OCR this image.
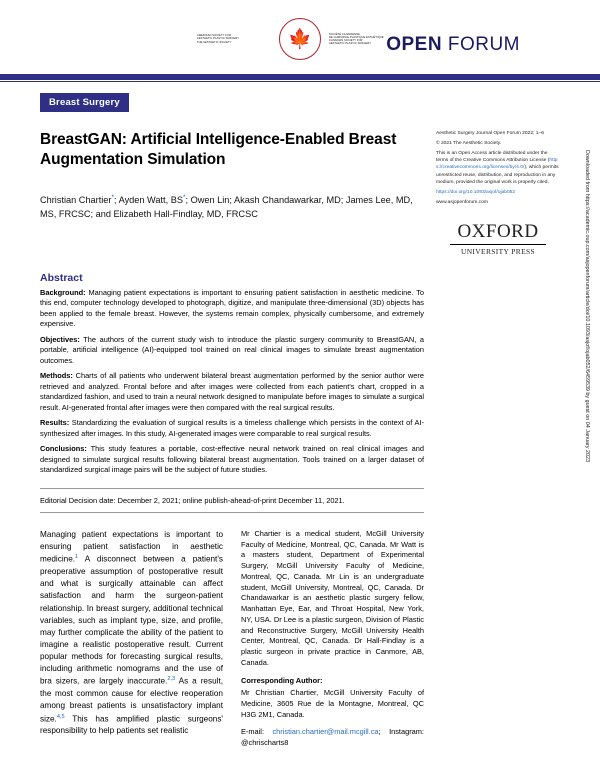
AMERICAN SOCIETY FOR
AESTHETIC PLASTIC SURGERY
THE AESTHETIC SOCIETY	🍁	SOCIÉTÉ CANADIENNE
DE CHIRURGIE PLASTIQUE ESTHÉTIQUE
CANADIAN SOCIETY FOR
AESTHETIC PLASTIC SURGERY OPEN FORUM
Breast Surgery
BreastGAN: Artificial Intelligence-Enabled Breast Augmentation Simulation
Christian Chartier*; Ayden Watt, BS*; Owen Lin; Akash Chandawarkar, MD; James Lee, MD, MS, FRCSC; and Elizabeth Hall-Findlay, MD, FRCSC

Aesthetic Surgery Journal Open Forum 2022; 1–6

© 2021 The Aesthetic Society.

This is an Open Access article distributed under the terms of the Creative Commons Attribution License (https://creativecommons.org/licenses/by/4.0/), which permits unrestricted reuse, distribution, and reproduction in any medium, provided the original work is properly cited.

https://doi.org/10.1093/asjof/ojab052

www.asjopenforum.com

OXFORD
UNIVERSITY PRESS
Abstract

Background: Managing patient expectations is important to ensuring patient satisfaction in aesthetic medicine. To this end, computer technology developed to photograph, digitize, and manipulate three-dimensional (3D) objects has been applied to the female breast. However, the systems remain complex, physically cumbersome, and extremely expensive.

Objectives: The authors of the current study wish to introduce the plastic surgery community to BreastGAN, a portable, artificial intelligence (AI)-equipped tool trained on real clinical images to simulate breast augmentation outcomes.

Methods: Charts of all patients who underwent bilateral breast augmentation performed by the senior author were retrieved and analyzed. Frontal before and after images were collected from each patient's chart, cropped in a standardized fashion, and used to train a neural network designed to manipulate before images to simulate a surgical result. AI-generated frontal after images were then compared with the real surgical results.

Results: Standardizing the evaluation of surgical results is a timeless challenge which persists in the context of AI-synthesized after images. In this study, AI-generated images were comparable to real surgical results.

Conclusions: This study features a portable, cost-effective neural network trained on real clinical images and designed to simulate surgical results following bilateral breast augmentation. Tools trained on a larger dataset of standardized surgical image pairs will be the subject of future studies.

Editorial Decision date: December 2, 2021; online publish-ahead-of-print December 11, 2021.

Managing patient expectations is important to ensuring patient satisfaction in aesthetic medicine.$^1$ A disconnect between a patient's preoperative assumption of postoperative result and what is surgically attainable can affect satisfaction and harm the surgeon-patient relationship. In breast surgery, additional technical variables, such as implant type, size, and profile, may further complicate the ability of the patient to imagine a realistic postoperative result. Current popular methods for forecasting surgical results, including arithmetic nomograms and the use of bra sizers, are largely inaccurate.$^{2,3}$ As a result, the most common cause for elective reoperation among breast patients is unsatisfactory implant size.$^{4,5}$ This has amplified plastic surgeons' responsibility to help patients set realistic

Mr Chartier is a medical student, McGill University Faculty of Medicine, Montreal, QC, Canada. Mr Watt is a masters student, Department of Experimental Surgery, McGill University Faculty of Medicine, Montreal, QC, Canada. Mr Lin is an undergraduate student, McGill University, Montreal, QC, Canada. Dr Chandawarkar is an aesthetic plastic surgery fellow, Manhattan Eye, Ear, and Throat Hospital, New York, NY, USA. Dr Lee is a plastic surgeon, Division of Plastic and Reconstructive Surgery, McGill University Health Center, Montreal, QC, Canada. Dr Hall-Findlay is a plastic surgeon in private practice in Canmore, AB, Canada.

Corresponding Author:

Mr Christian Chartier, McGill University Faculty of Medicine, 3605 Rue de la Montagne, Montreal, QC H3G 2M1, Canada.

E-mail: christian.chartier@mail.mcgill.ca; Instagram: @chrischarts8

Downloaded from https://academic.oup.com/asjopenforum/article/doi/10.1093/asjof/ojab052/6459539 by guest on 04 January 2023
